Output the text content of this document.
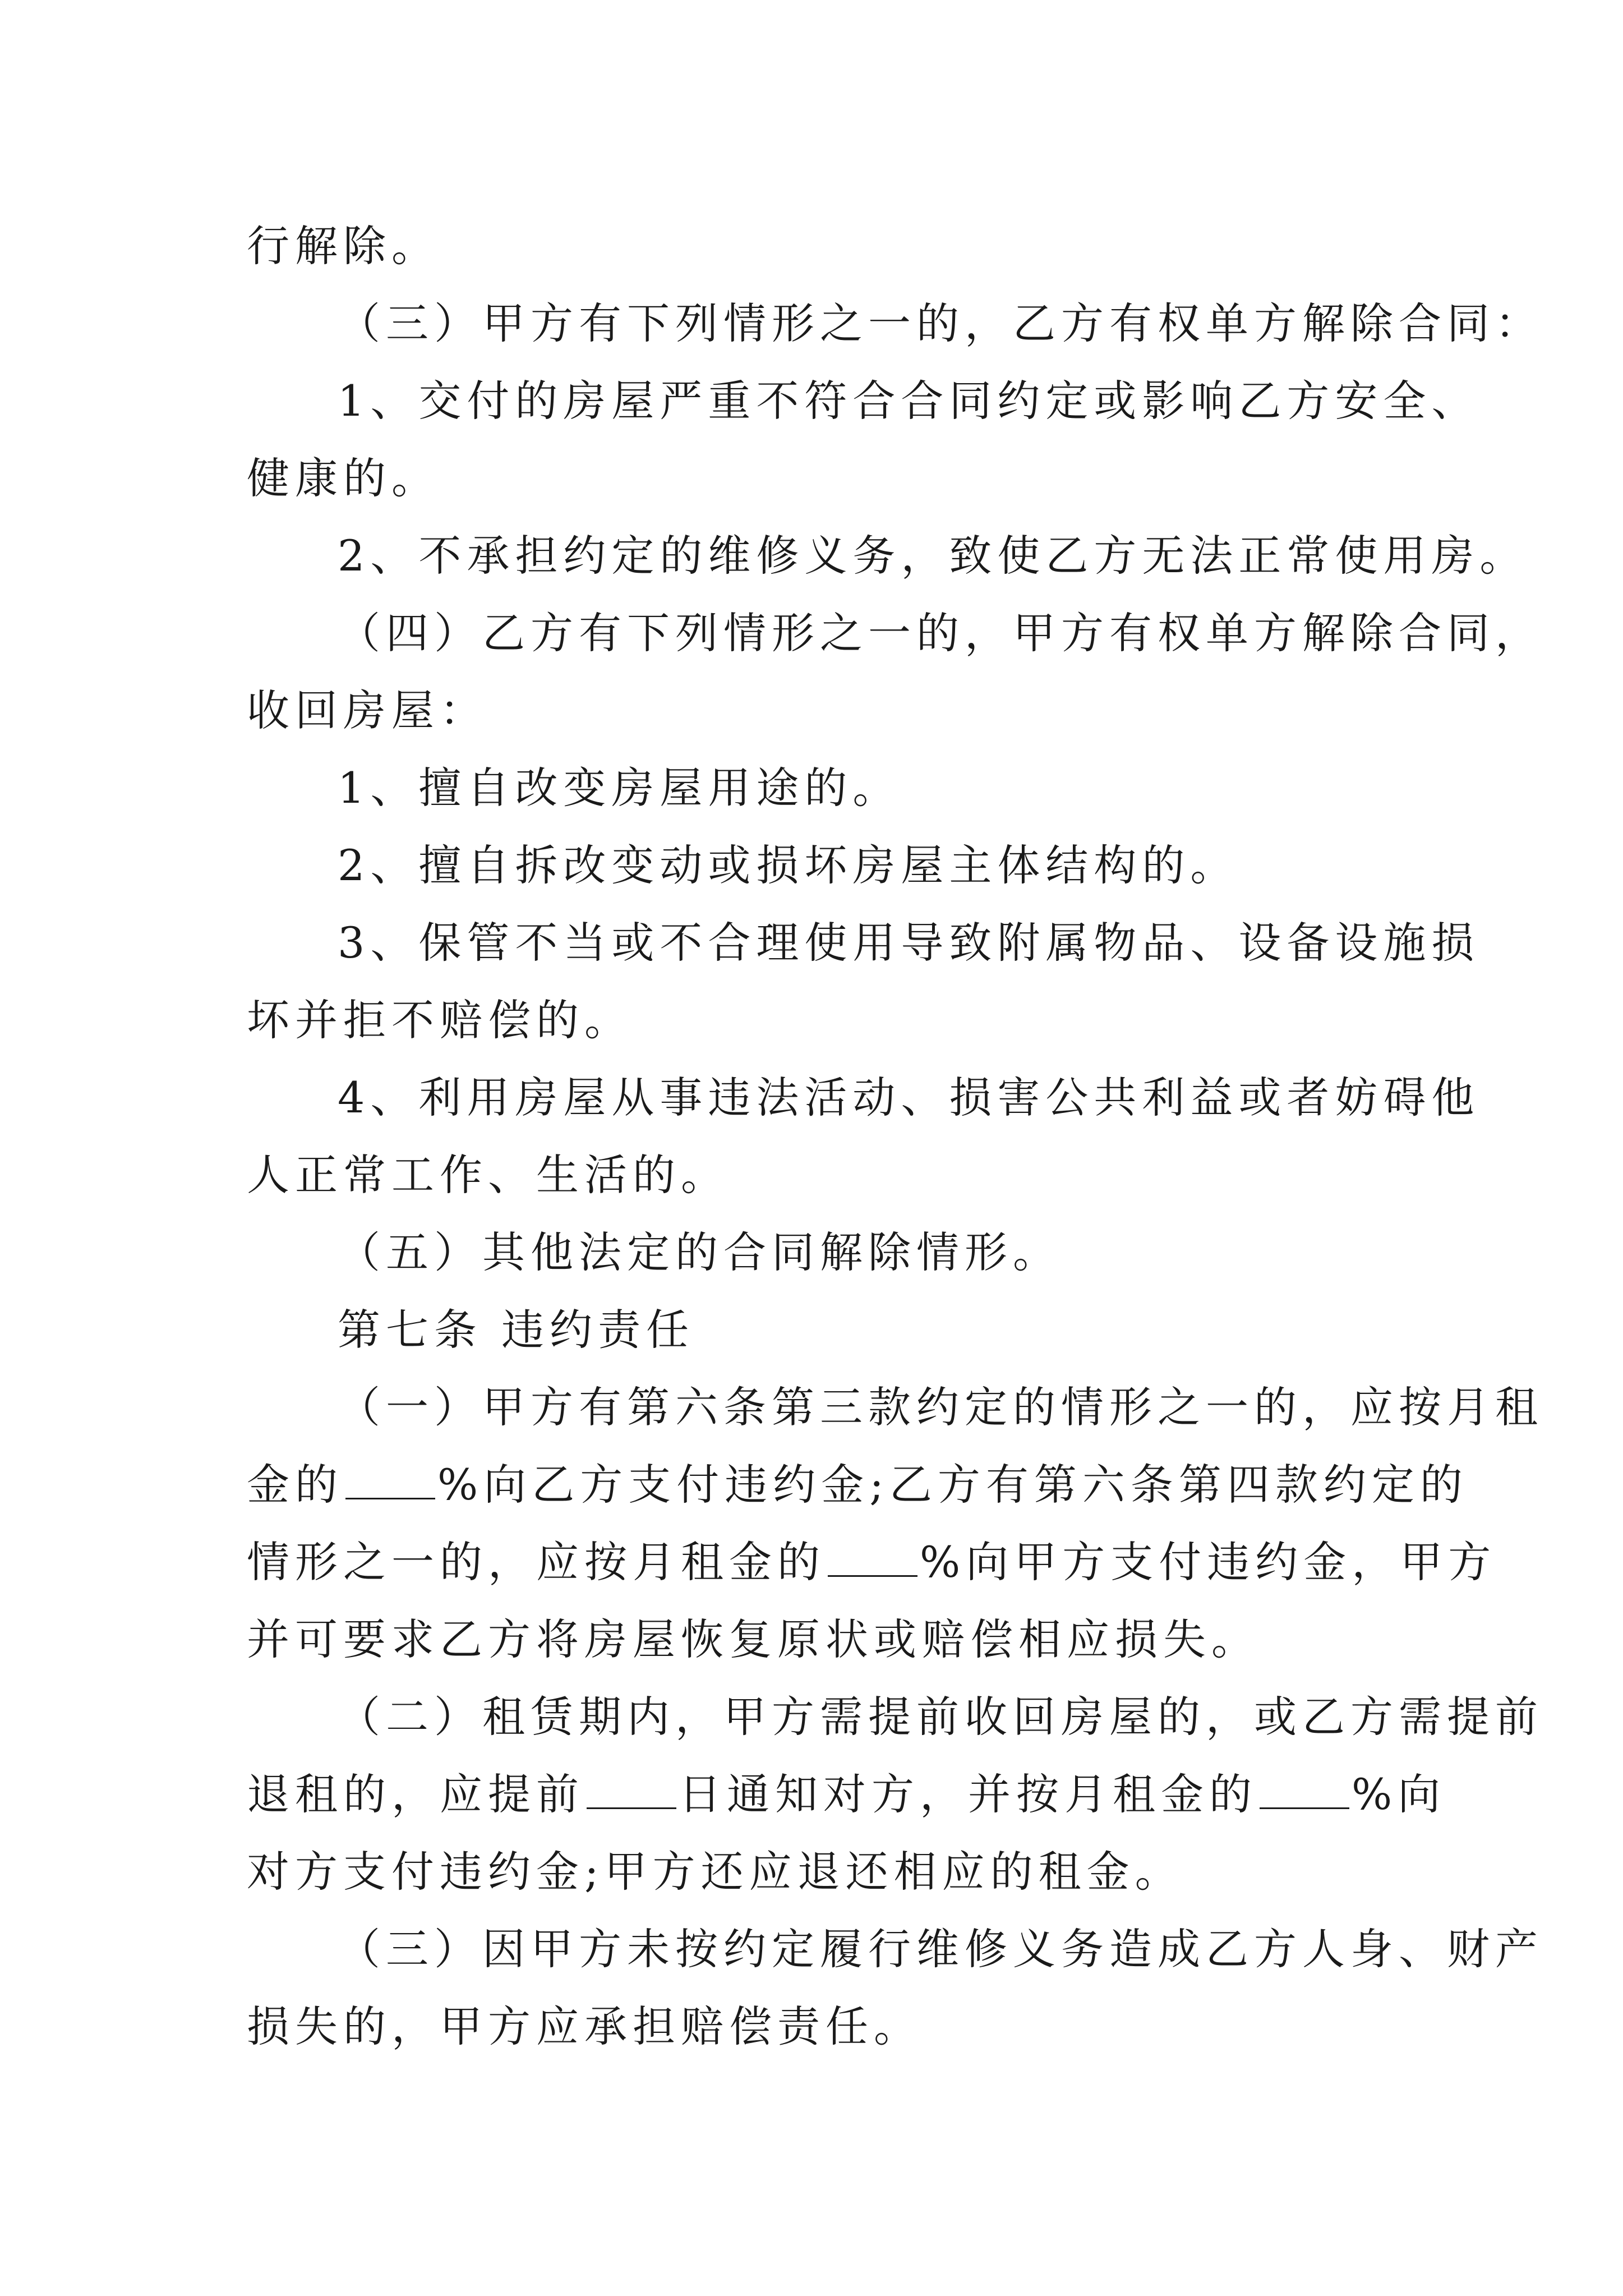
行解除。
（三）甲方有下列情形之一的，乙方有权单方解除合同：
1、交付的房屋严重不符合合同约定或影响乙方安全、
健康的。
2、不承担约定的维修义务，致使乙方无法正常使用房。
（四）乙方有下列情形之一的，甲方有权单方解除合同，
收回房屋：
1、擅自改变房屋用途的。
2、擅自拆改变动或损坏房屋主体结构的。
3、保管不当或不合理使用导致附属物品、设备设施损
坏并拒不赔偿的。
4、利用房屋从事违法活动、损害公共利益或者妨碍他
人正常工作、生活的。
（五）其他法定的合同解除情形。
第七条 违约责任
（一）甲方有第六条第三款约定的情形之一的，应按月租
金的 %向乙方支付违约金;乙方有第六条第四款约定的
情形之一的，应按月租金的 %向甲方支付违约金，甲方
并可要求乙方将房屋恢复原状或赔偿相应损失。
（二）租赁期内，甲方需提前收回房屋的，或乙方需提前
退租的，应提前 日通知对方，并按月租金的 %向
对方支付违约金;甲方还应退还相应的租金。
（三）因甲方未按约定履行维修义务造成乙方人身、财产
损失的，甲方应承担赔偿责任。
